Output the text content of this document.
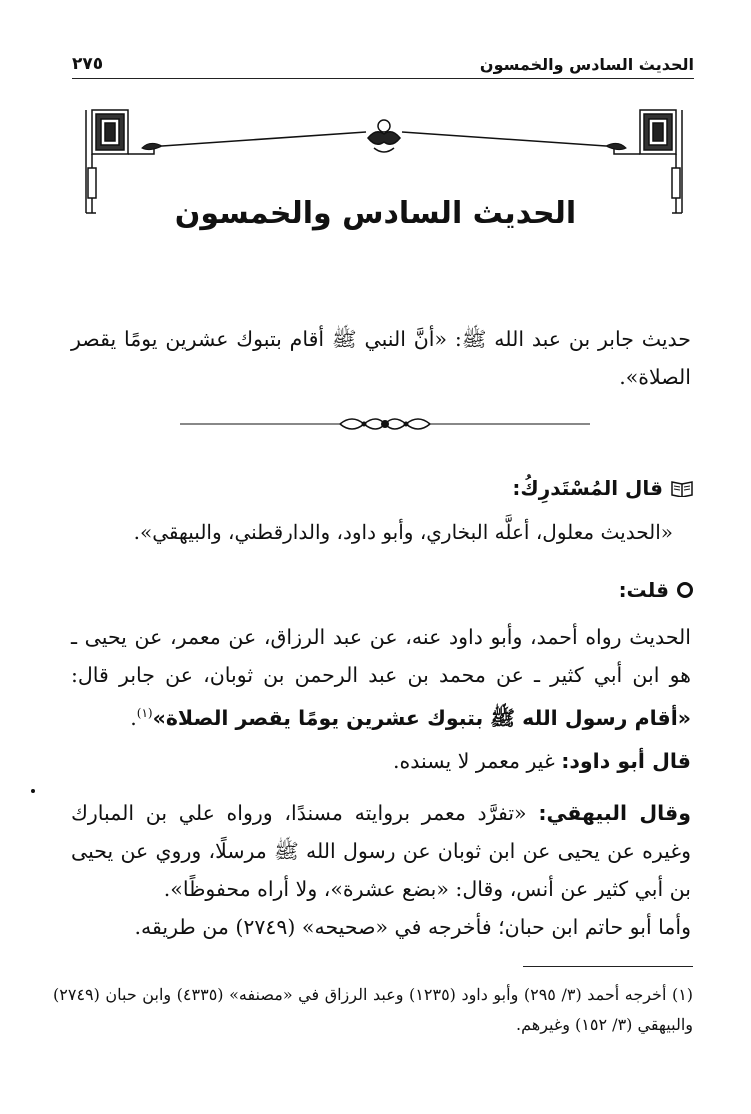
الحديث السادس والخمسون
٢٧٥
الحديث السادس والخمسون
حديث جابر بن عبد الله ﷺ: «أنَّ النبي ﷺ أقام بتبوك عشرين يومًا يقصر الصلاة».
قال المُسْتَدرِكُ:
«الحديث معلول، أعلَّه البخاري، وأبو داود، والدارقطني، والبيهقي».
قلت:
الحديث رواه أحمد، وأبو داود عنه، عن عبد الرزاق، عن معمر، عن يحيى ـ هو ابن أبي كثير ـ عن محمد بن عبد الرحمن بن ثوبان، عن جابر قال: «أقام رسول الله ﷺ بتبوك عشرين يومًا يقصر الصلاة»$^{(١)}$.
قال أبو داود: غير معمر لا يسنده.
وقال البيهقي: «تفرَّد معمر بروايته مسندًا، ورواه علي بن المبارك وغيره عن يحيى عن ابن ثوبان عن رسول الله ﷺ مرسلًا، وروي عن يحيى بن أبي كثير عن أنس، وقال: «بضع عشرة»، ولا أراه محفوظًا».
وأما أبو حاتم ابن حبان؛ فأخرجه في «صحيحه» (٢٧٤٩) من طريقه.
(١) أخرجه أحمد (٣/ ٢٩٥) وأبو داود (١٢٣٥) وعبد الرزاق في «مصنفه» (٤٣٣٥) وابن حبان (٢٧٤٩) والبيهقي (٣/ ١٥٢) وغيرهم.
